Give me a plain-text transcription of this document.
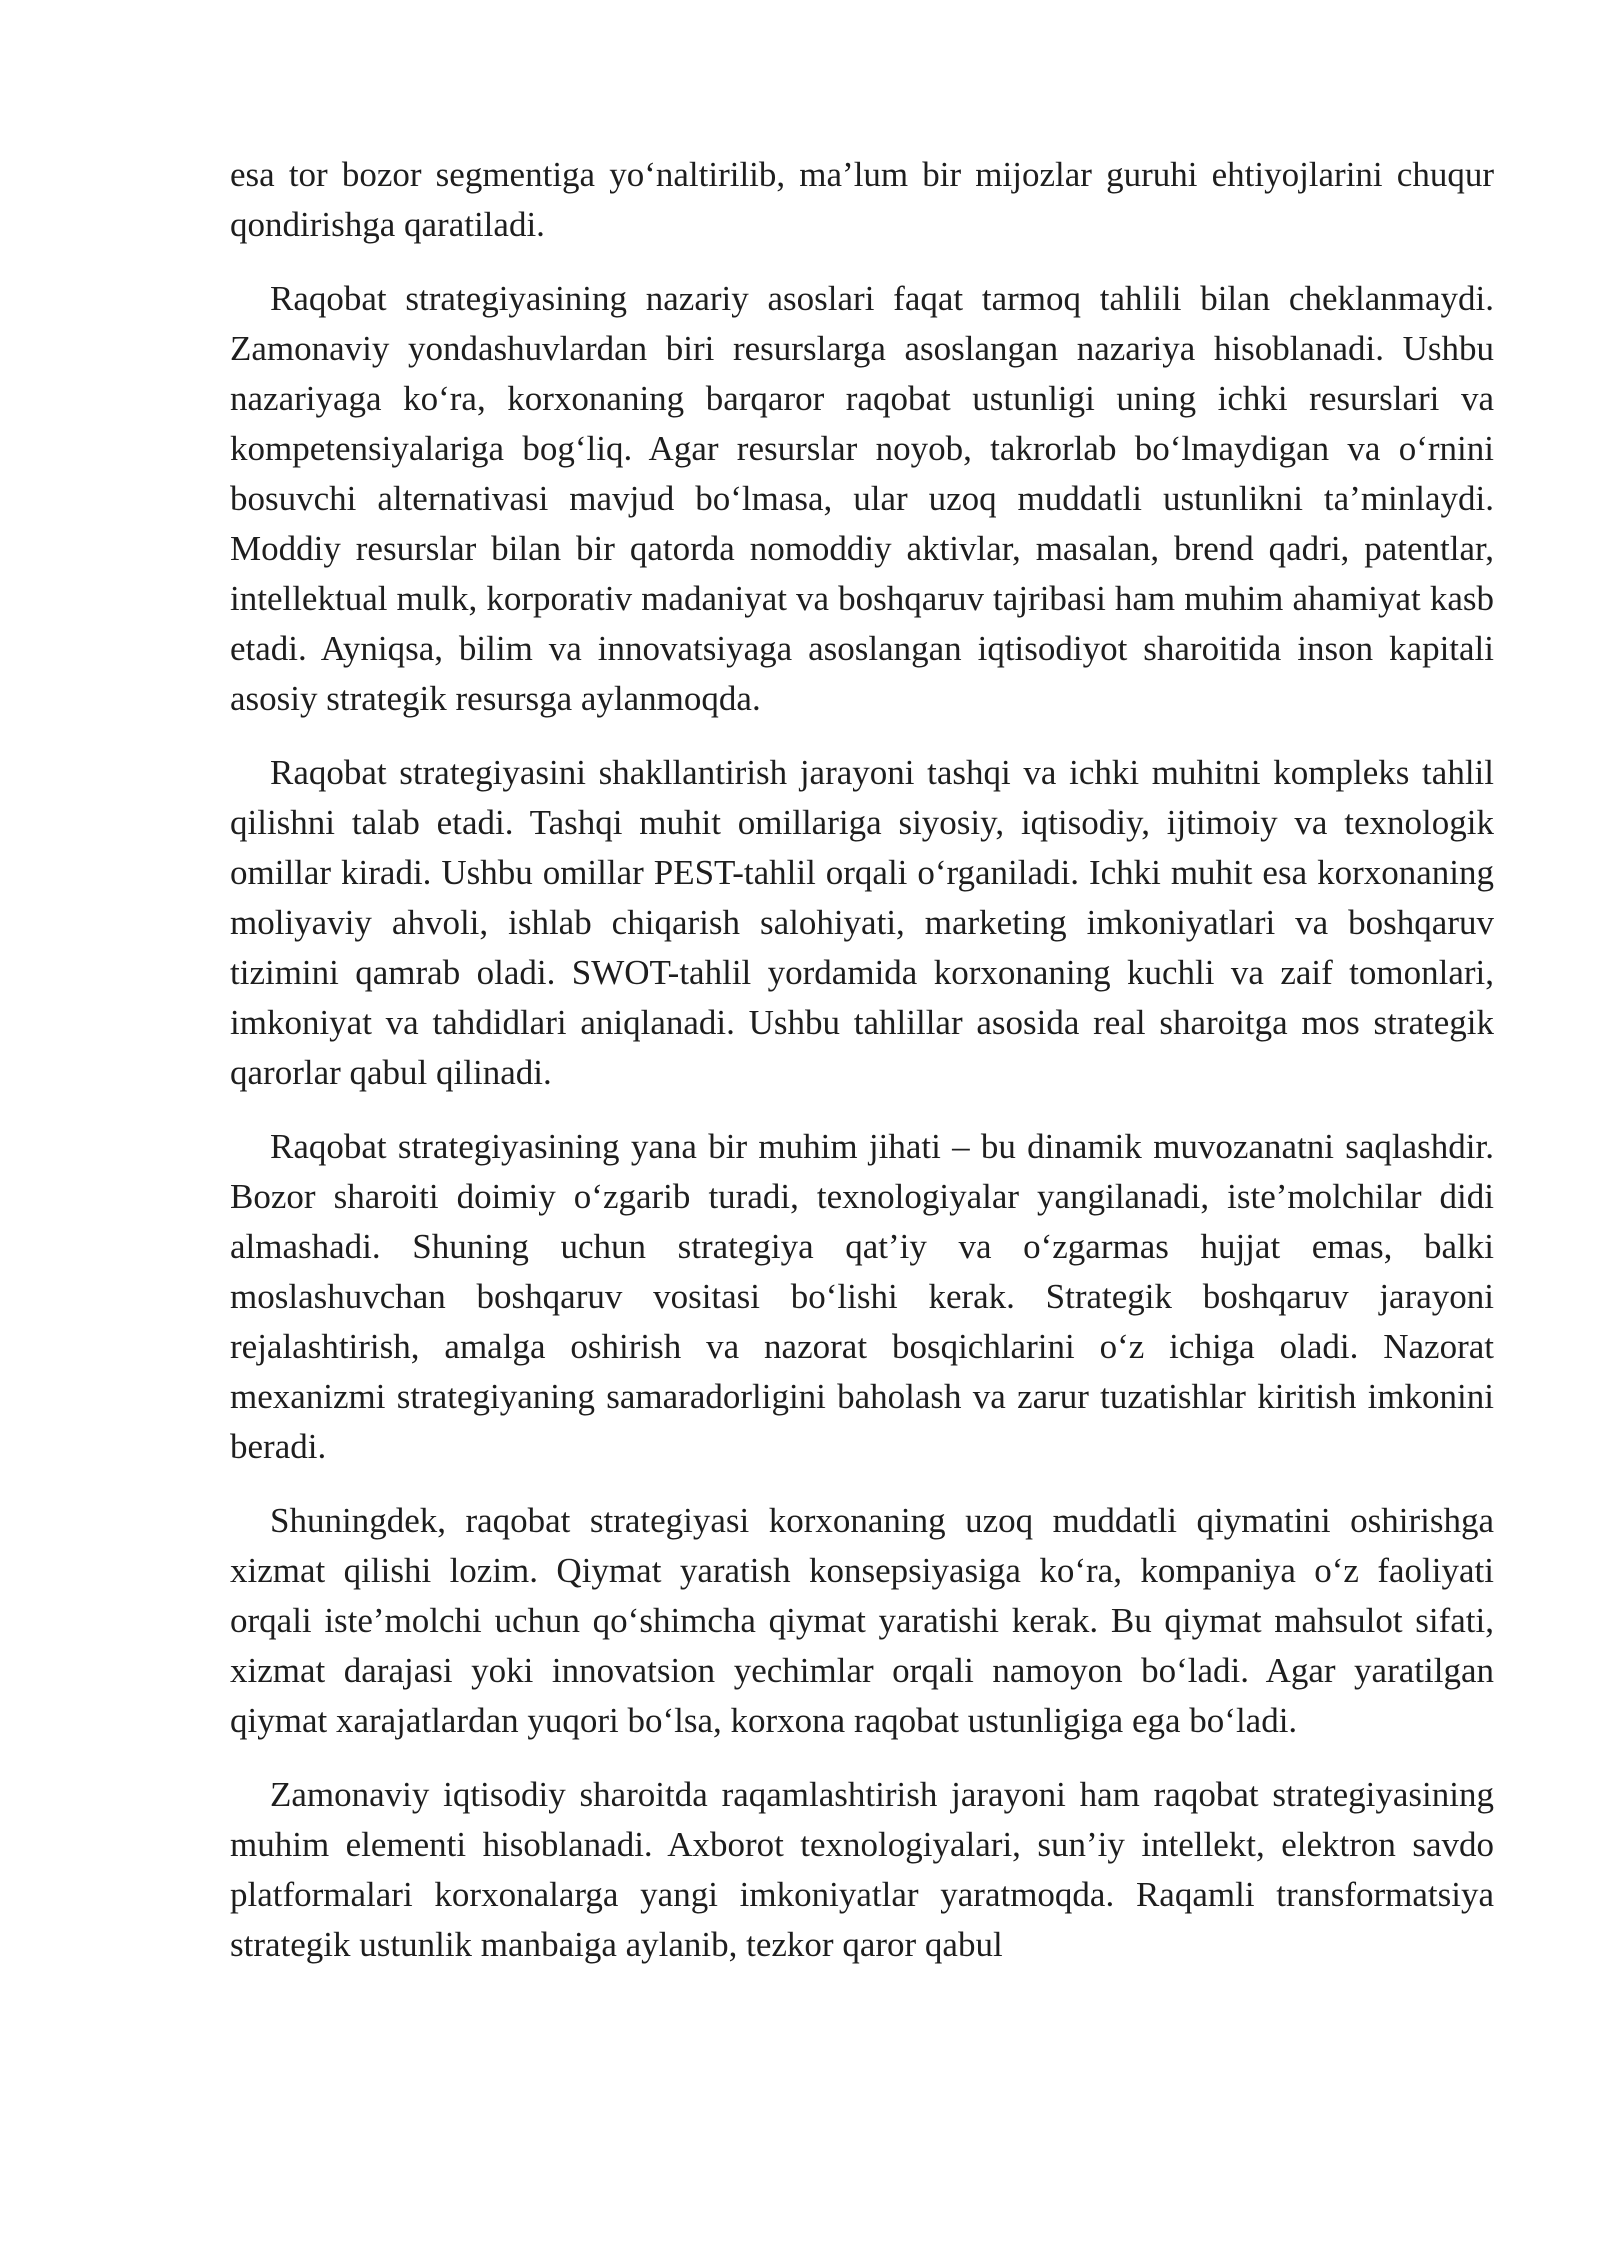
esa tor bozor segmentiga yo‘naltirilib, ma’lum bir mijozlar guruhi ehtiyojlarini chuqur qondirishga qaratiladi.

Raqobat strategiyasining nazariy asoslari faqat tarmoq tahlili bilan cheklanmaydi. Zamonaviy yondashuvlardan biri resurslarga asoslangan nazariya hisoblanadi. Ushbu nazariyaga ko‘ra, korxonaning barqaror raqobat ustunligi uning ichki resurslari va kompetensiyalariga bog‘liq. Agar resurslar noyob, takrorlab bo‘lmaydigan va o‘rnini bosuvchi alternativasi mavjud bo‘lmasa, ular uzoq muddatli ustunlikni ta’minlaydi. Moddiy resurslar bilan bir qatorda nomoddiy aktivlar, masalan, brend qadri, patentlar, intellektual mulk, korporativ madaniyat va boshqaruv tajribasi ham muhim ahamiyat kasb etadi. Ayniqsa, bilim va innovatsiyaga asoslangan iqtisodiyot sharoitida inson kapitali asosiy strategik resursga aylanmoqda.

Raqobat strategiyasini shakllantirish jarayoni tashqi va ichki muhitni kompleks tahlil qilishni talab etadi. Tashqi muhit omillariga siyosiy, iqtisodiy, ijtimoiy va texnologik omillar kiradi. Ushbu omillar PEST-tahlil orqali o‘rganiladi. Ichki muhit esa korxonaning moliyaviy ahvoli, ishlab chiqarish salohiyati, marketing imkoniyatlari va boshqaruv tizimini qamrab oladi. SWOT-tahlil yordamida korxonaning kuchli va zaif tomonlari, imkoniyat va tahdidlari aniqlanadi. Ushbu tahlillar asosida real sharoitga mos strategik qarorlar qabul qilinadi.

Raqobat strategiyasining yana bir muhim jihati – bu dinamik muvozanatni saqlashdir. Bozor sharoiti doimiy o‘zgarib turadi, texnologiyalar yangilanadi, iste’molchilar didi almashadi. Shuning uchun strategiya qat’iy va o‘zgarmas hujjat emas, balki moslashuvchan boshqaruv vositasi bo‘lishi kerak. Strategik boshqaruv jarayoni rejalashtirish, amalga oshirish va nazorat bosqichlarini o‘z ichiga oladi. Nazorat mexanizmi strategiyaning samaradorligini baholash va zarur tuzatishlar kiritish imkonini beradi.

Shuningdek, raqobat strategiyasi korxonaning uzoq muddatli qiymatini oshirishga xizmat qilishi lozim. Qiymat yaratish konsepsiyasiga ko‘ra, kompaniya o‘z faoliyati orqali iste’molchi uchun qo‘shimcha qiymat yaratishi kerak. Bu qiymat mahsulot sifati, xizmat darajasi yoki innovatsion yechimlar orqali namoyon bo‘ladi. Agar yaratilgan qiymat xarajatlardan yuqori bo‘lsa, korxona raqobat ustunligiga ega bo‘ladi.

Zamonaviy iqtisodiy sharoitda raqamlashtirish jarayoni ham raqobat strategiyasining muhim elementi hisoblanadi. Axborot texnologiyalari, sun’iy intellekt, elektron savdo platformalari korxonalarga yangi imkoniyatlar yaratmoqda. Raqamli transformatsiya strategik ustunlik manbaiga aylanib, tezkor qaror qabul
